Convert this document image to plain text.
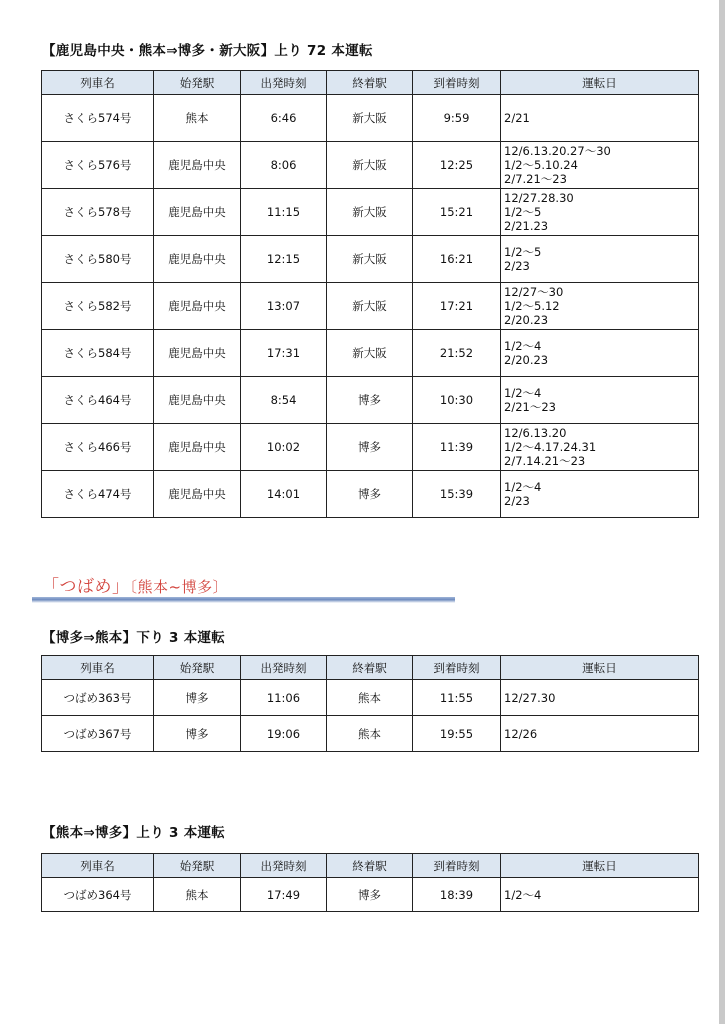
【鹿児島中央・熊本⇒博多・新大阪】上り 72 本運転
列車名	始発駅	出発時刻	終着駅	到着時刻	運転日
さくら574号	熊本	6:46	新大阪	9:59	2/21

さくら576号	鹿児島中央	8:06	新大阪	12:25	12/6.13.20.27～30
1/2～5.10.24
2/7.21～23

さくら578号	鹿児島中央	11:15	新大阪	15:21	12/27.28.30
1/2～5
2/21.23

さくら580号	鹿児島中央	12:15	新大阪	16:21	1/2～5
2/23

さくら582号	鹿児島中央	13:07	新大阪	17:21	12/27～30
1/2～5.12
2/20.23

さくら584号	鹿児島中央	17:31	新大阪	21:52	1/2～4
2/20.23

さくら464号	鹿児島中央	8:54	博多	10:30	1/2～4
2/21～23

さくら466号	鹿児島中央	10:02	博多	11:39	12/6.13.20
1/2～4.17.24.31
2/7.14.21～23

さくら474号	鹿児島中央	14:01	博多	15:39	1/2～4
2/23
「つばめ」〔熊本~博多〕
【博多⇒熊本】下り 3 本運転
列車名	始発駅	出発時刻	終着駅	到着時刻	運転日
つばめ363号	博多	11:06	熊本	11:55	12/27.30

つばめ367号	博多	19:06	熊本	19:55	12/26
【熊本⇒博多】上り 3 本運転
列車名	始発駅	出発時刻	終着駅	到着時刻	運転日
つばめ364号	熊本	17:49	博多	18:39	1/2～4
